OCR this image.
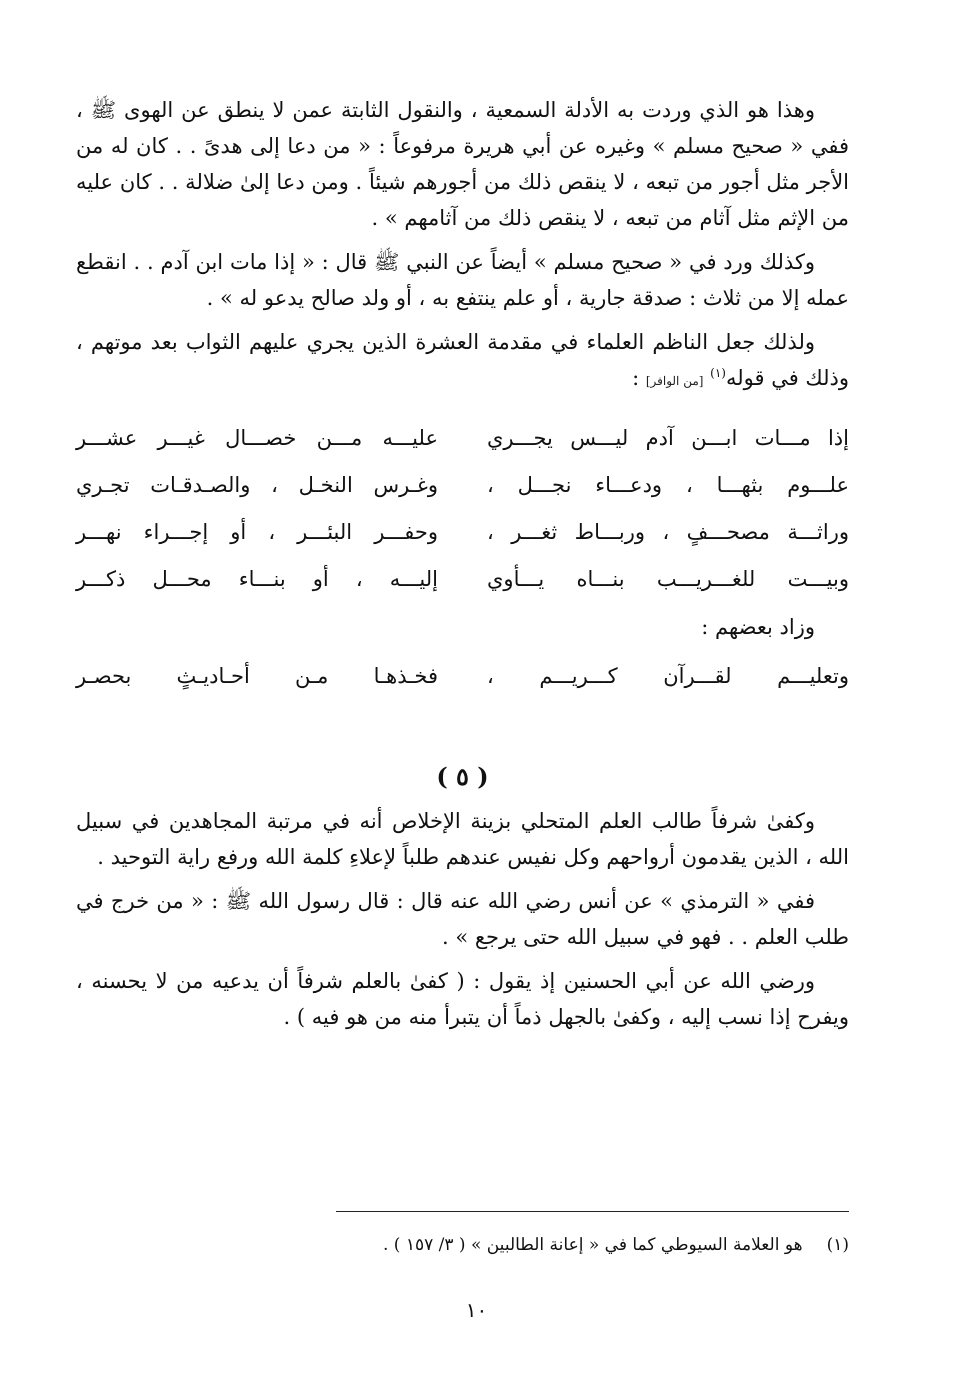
وهذا هو الذي وردت به الأدلة السمعية ، والنقول الثابتة عمن لا ينطق عن الهوى ﷺ ، ففي « صحيح مسلم » وغيره عن أبي هريرة مرفوعاً : « من دعا إلى هدىً . . كان له من الأجر مثل أجور من تبعه ، لا ينقص ذلك من أجورهم شيئاً . ومن دعا إلىٰ ضلالة . . كان عليه من الإثم مثل آثام من تبعه ، لا ينقص ذلك من آثامهم » .

وكذلك ورد في « صحيح مسلم » أيضاً عن النبي ﷺ قال : « إذا مات ابن آدم . . انقطع عمله إلا من ثلاث : صدقة جارية ، أو علم ينتفع به ، أو ولد صالح يدعو له » .

ولذلك جعل الناظم العلماء في مقدمة العشرة الذين يجري عليهم الثواب بعد موتهم ، وذلك في قوله$^{(١)}$ [من الوافر] :

إذا مـــات ابـــن آدم ليـــس يجـــري
عليـــه مـــن خصـــال غيـــر عشـــر
علـــوم بثهـــا ، ودعـــاء نجـــل ،
وغـرس النخـل ، والصـدقـات تجـري
وراثـــة مصحـــفٍ ، وربـــاط ثغـــر ،
وحفـــر البئـــر ، أو إجـــراء نهـــر
وبيـــت للغـــريـــب بنـــاه يـــأوي
إليـــه ، أو بنـــاء محـــل ذكـــر
وزاد بعضهم :
وتعليـــم لقـــرآن كـــريـــم ،
فخـذهـا مـن أحـاديـثٍ بحصـر
( ٥ )

وكفىٰ شرفاً طالب العلم المتحلي بزينة الإخلاص أنه في مرتبة المجاهدين في سبيل الله ، الذين يقدمون أرواحهم وكل نفيس عندهم طلباً لإعلاءِ كلمة الله ورفع راية التوحيد .

ففي « الترمذي » عن أنس رضي الله عنه قال : قال رسول الله ﷺ : « من خرج في طلب العلم . . فهو في سبيل الله حتى يرجع » .

ورضي الله عن أبي الحسنين إذ يقول : ( كفىٰ بالعلم شرفاً أن يدعيه من لا يحسنه ، ويفرح إذا نسب إليه ، وكفىٰ بالجهل ذماً أن يتبرأ منه من هو فيه ) .

(١)هو العلامة السيوطي كما في « إعانة الطالبين » ( ٣/ ١٥٧ ) .
١٠
